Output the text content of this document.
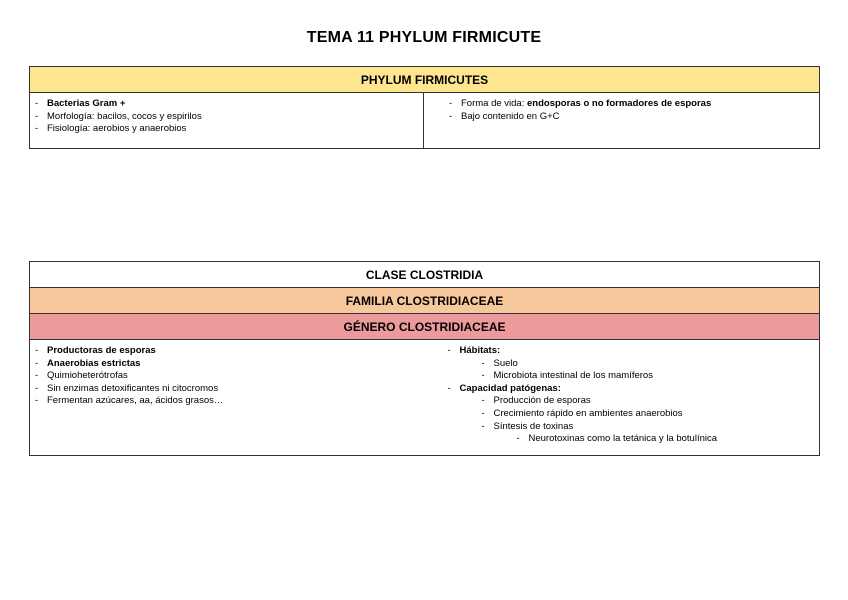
TEMA 11 PHYLUM FIRMICUTE
PHYLUM FIRMICUTES

- Bacterias Gram +
- Morfología: bacilos, cocos y espirilos
- Fisiología: aerobios y anaerobios

- Forma de vida: endosporas o no formadores de esporas
- Bajo contenido en G+C
CLASE CLOSTRIDIA
FAMILIA CLOSTRIDIACEAE
GÉNERO CLOSTRIDIACEAE

- Productoras de esporas
- Anaerobias estrictas
- Quimioheterótrofas
- Sin enzimas detoxificantes ni citocromos
- Fermentan azúcares, aa, ácidos grasos…

- Hábitats:
- Suelo
- Microbiota intestinal de los mamíferos
- Capacidad patógenas:
- Producción de esporas
- Crecimiento rápido en ambientes anaerobios
- Síntesis de toxinas
- Neurotoxinas como la tetánica y la botulínica
